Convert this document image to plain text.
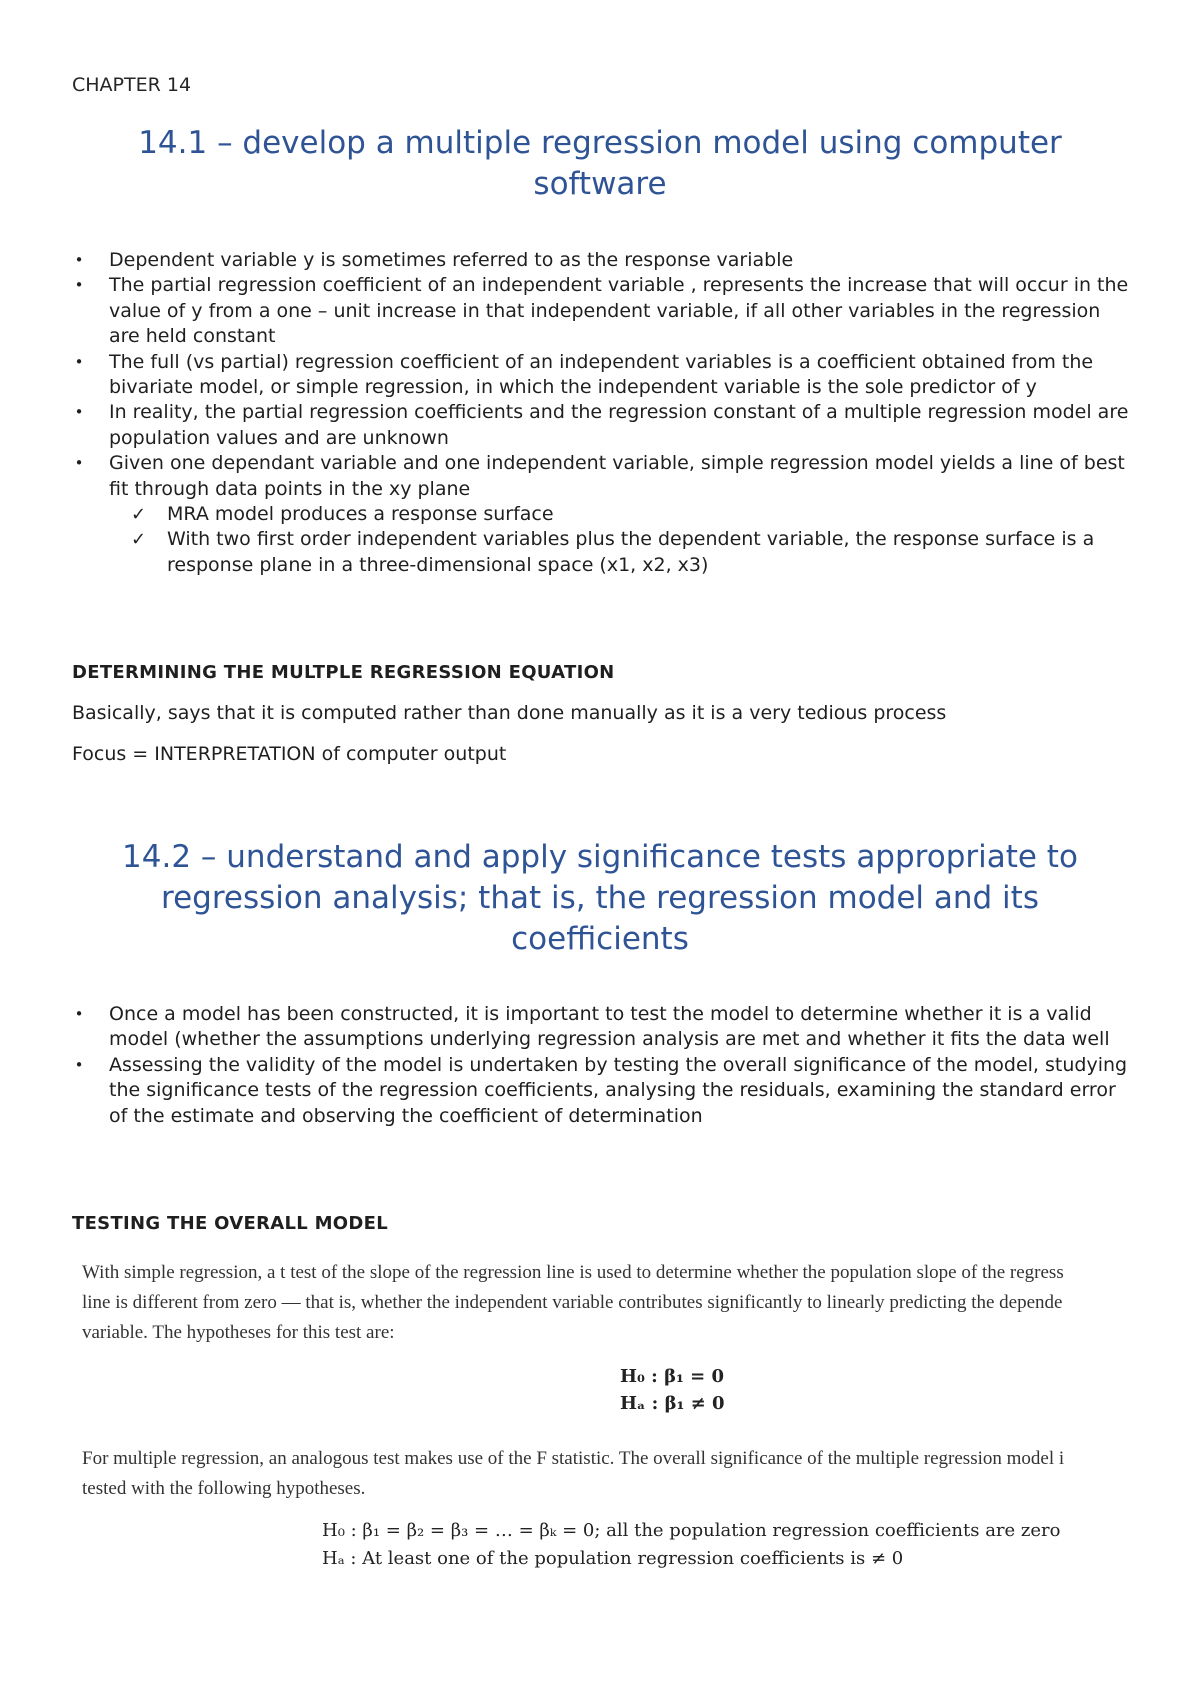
CHAPTER 14
14.1 – develop a multiple regression model using computer
software
• Dependent variable y is sometimes referred to as the response variable
• The partial regression coefficient of an independent variable , represents the increase that will occur in the value of y from a one – unit increase in that independent variable, if all other variables in the regression are held constant
• The full (vs partial) regression coefficient of an independent variables is a coefficient obtained from the bivariate model, or simple regression, in which the independent variable is the sole predictor of y
• In reality, the partial regression coefficients and the regression constant of a multiple regression model are population values and are unknown
• Given one dependant variable and one independent variable, simple regression model yields a line of best fit through data points in the xy plane
✓ MRA model produces a response surface
✓ With two first order independent variables plus the dependent variable, the response surface is a response plane in a three-dimensional space (x1, x2, x3)
DETERMINING THE MULTPLE REGRESSION EQUATION
Basically, says that it is computed rather than done manually as it is a very tedious process
Focus = INTERPRETATION of computer output
14.2 – understand and apply significance tests appropriate to
regression analysis; that is, the regression model and its
coefficients
• Once a model has been constructed, it is important to test the model to determine whether it is a valid model (whether the assumptions underlying regression analysis are met and whether it fits the data well
• Assessing the validity of the model is undertaken by testing the overall significance of the model, studying the significance tests of the regression coefficients, analysing the residuals, examining the standard error of the estimate and observing the coefficient of determination
TESTING THE OVERALL MODEL
With simple regression, a t test of the slope of the regression line is used to determine whether the population slope of the regress
line is different from zero — that is, whether the independent variable contributes significantly to linearly predicting the depende
variable. The hypotheses for this test are:
H₀ : β₁ = 0
Hₐ : β₁ ≠ 0
For multiple regression, an analogous test makes use of the F statistic. The overall significance of the multiple regression model i
tested with the following hypotheses.
H₀ : β₁ = β₂ = β₃ = … = βₖ = 0; all the population regression coefficients are zero
Hₐ : At least one of the population regression coefficients is ≠ 0
